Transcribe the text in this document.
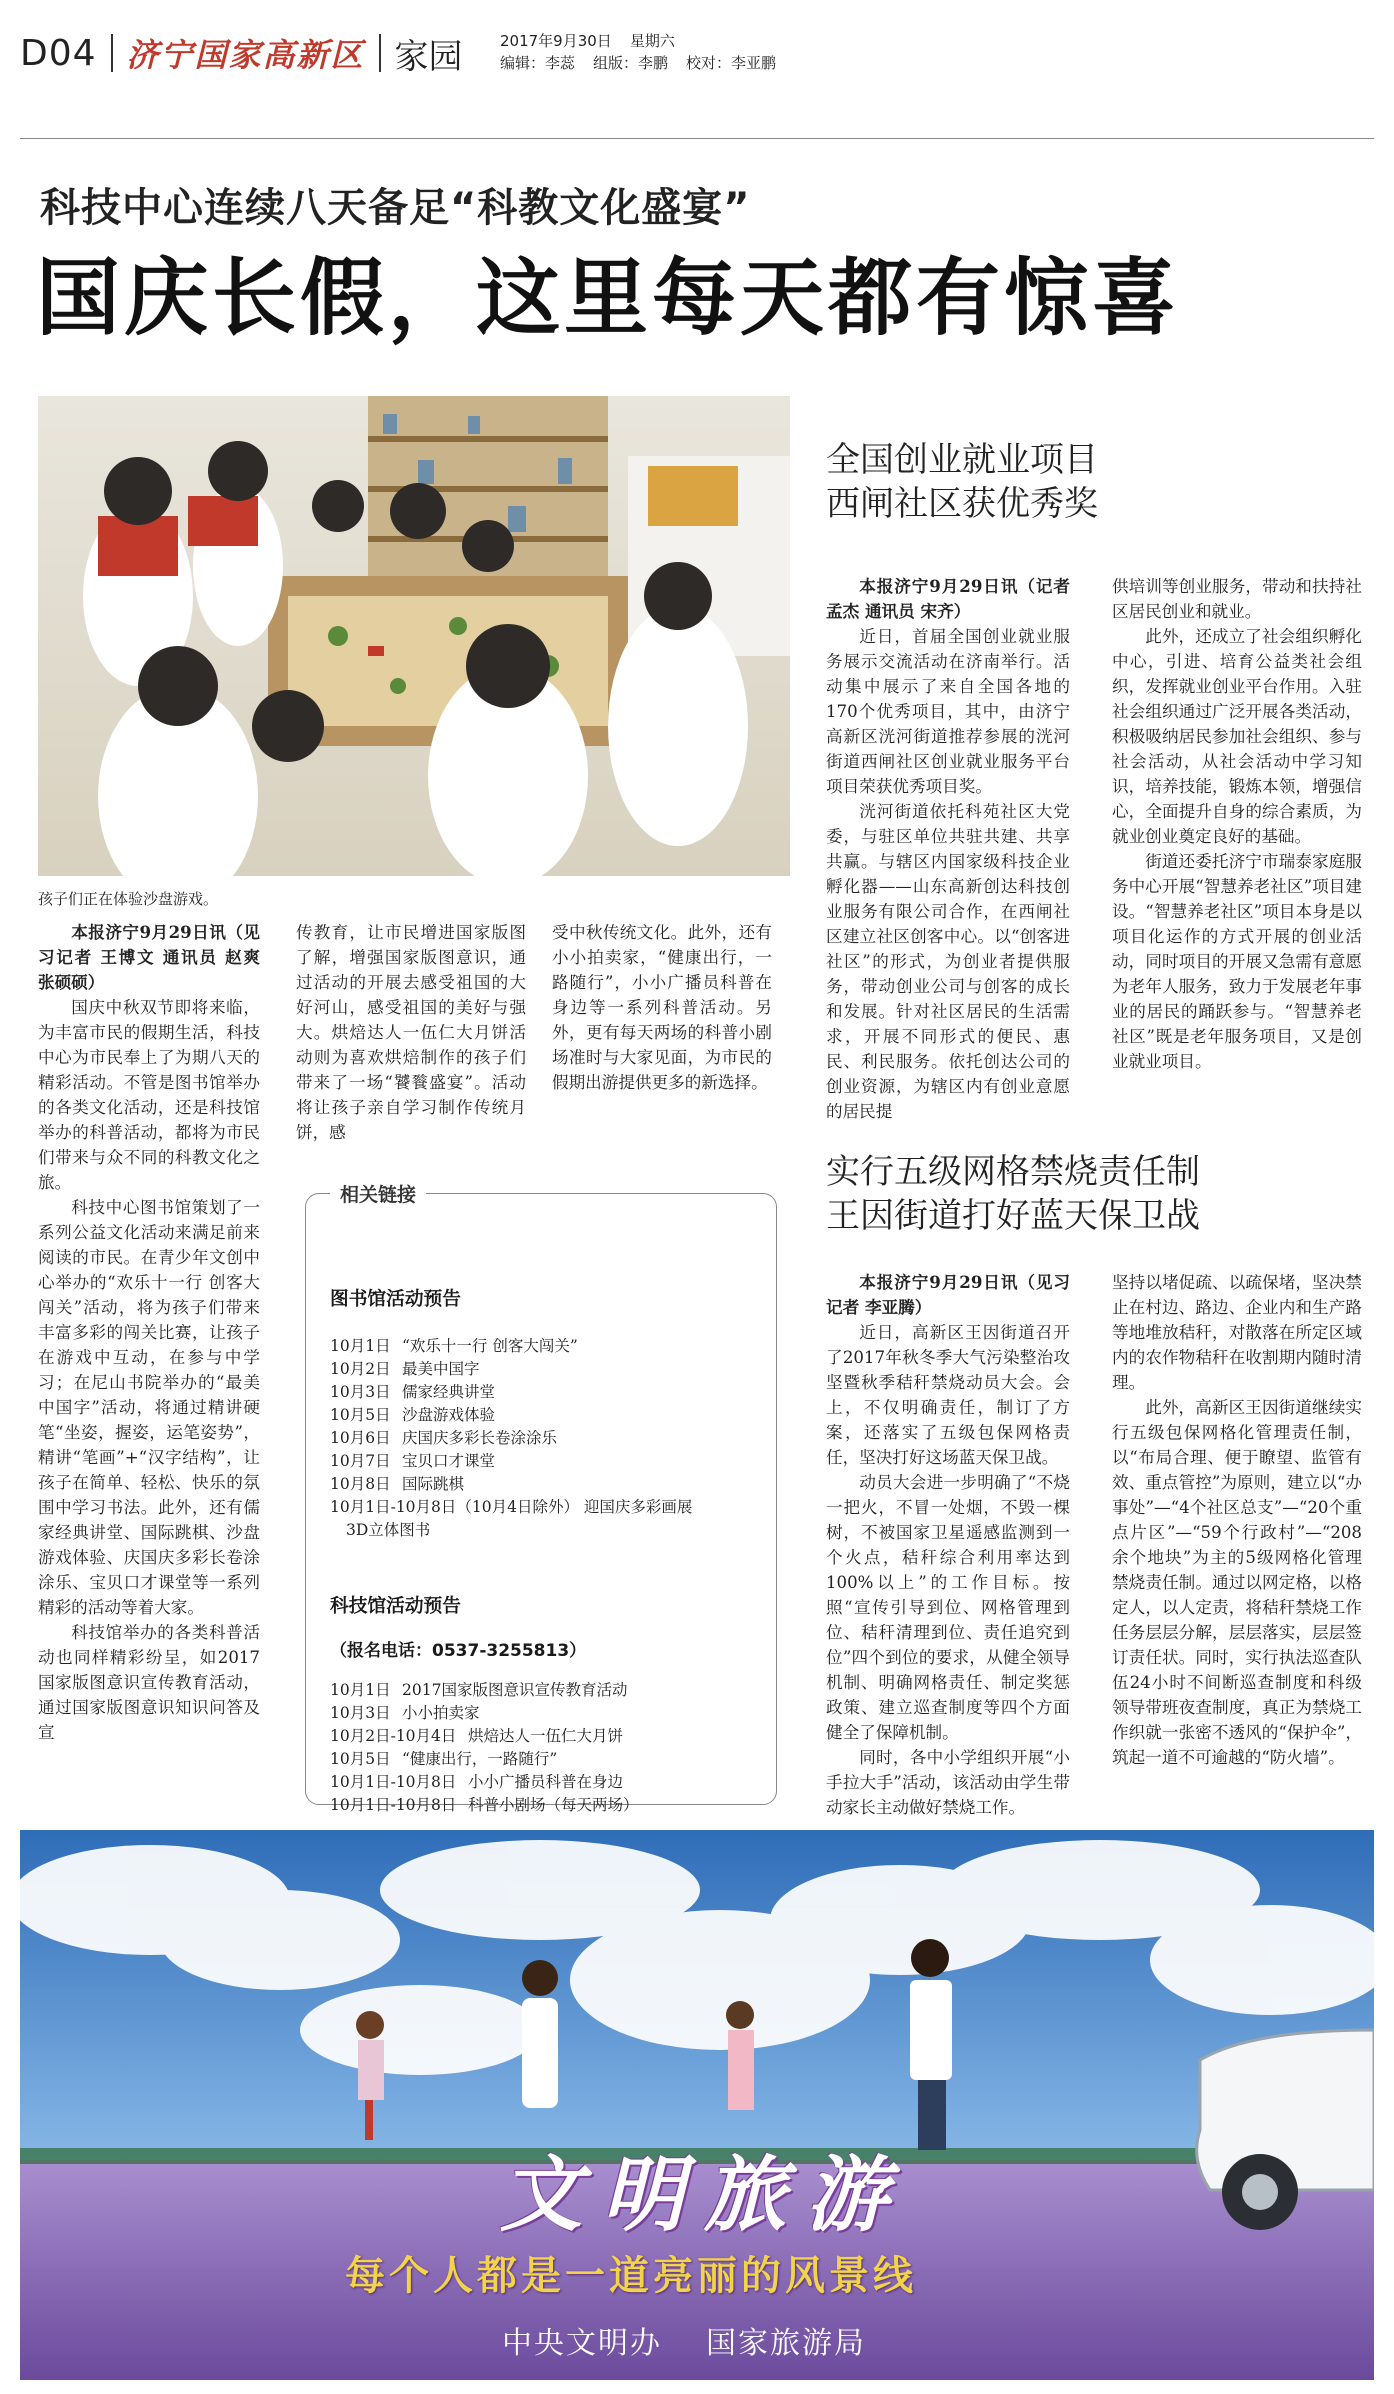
D04 济宁国家高新区 家园 2017年9月30日 星期六
编辑：李蕊 组版：李鹏 校对：李亚鹏
科技中心连续八天备足“科教文化盛宴”
国庆长假，这里每天都有惊喜
孩子们正在体验沙盘游戏。

本报济宁9月29日讯（见习记者 王博文 通讯员 赵爽 张硕硕）

国庆中秋双节即将来临，为丰富市民的假期生活，科技中心为市民奉上了为期八天的精彩活动。不管是图书馆举办的各类文化活动，还是科技馆举办的科普活动，都将为市民们带来与众不同的科教文化之旅。

科技中心图书馆策划了一系列公益文化活动来满足前来阅读的市民。在青少年文创中心举办的“欢乐十一行 创客大闯关”活动，将为孩子们带来丰富多彩的闯关比赛，让孩子在游戏中互动，在参与中学习；在尼山书院举办的“最美中国字”活动，将通过精讲硬笔“坐姿，握姿，运笔姿势”，精讲“笔画”+“汉字结构”，让孩子在简单、轻松、快乐的氛围中学习书法。此外，还有儒家经典讲堂、国际跳棋、沙盘游戏体验、庆国庆多彩长卷涂涂乐、宝贝口才课堂等一系列精彩的活动等着大家。

科技馆举办的各类科普活动也同样精彩纷呈，如2017国家版图意识宣传教育活动，通过国家版图意识知识问答及宣

传教育，让市民增进国家版图了解，增强国家版图意识，通过活动的开展去感受祖国的大好河山，感受祖国的美好与强大。烘焙达人一伍仁大月饼活动则为喜欢烘焙制作的孩子们带来了一场“饕餮盛宴”。活动将让孩子亲自学习制作传统月饼，感

受中秋传统文化。此外，还有小小拍卖家，“健康出行，一路随行”，小小广播员科普在身边等一系列科普活动。另外，更有每天两场的科普小剧场准时与大家见面，为市民的假期出游提供更多的新选择。

相关链接
图书馆活动预告
10月1日 “欢乐十一行 创客大闯关”
10月2日 最美中国字
10月3日 儒家经典讲堂
10月5日 沙盘游戏体验
10月6日 庆国庆多彩长卷涂涂乐
10月7日 宝贝口才课堂
10月8日 国际跳棋
10月1日-10月8日（10月4日除外） 迎国庆多彩画展
3D立体图书
科技馆活动预告
（报名电话：0537-3255813）
10月1日 2017国家版图意识宣传教育活动
10月3日 小小拍卖家
10月2日-10月4日 烘焙达人一伍仁大月饼
10月5日 “健康出行，一路随行”
10月1日-10月8日 小小广播员科普在身边
10月1日-10月8日 科普小剧场（每天两场）
全国创业就业项目
西闸社区获优秀奖

本报济宁9月29日讯（记者 孟杰 通讯员 宋齐）

近日，首届全国创业就业服务展示交流活动在济南举行。活动集中展示了来自全国各地的170个优秀项目，其中，由济宁高新区洸河街道推荐参展的洸河街道西闸社区创业就业服务平台项目荣获优秀项目奖。

洸河街道依托科苑社区大党委，与驻区单位共驻共建、共享共赢。与辖区内国家级科技企业孵化器——山东高新创达科技创业服务有限公司合作，在西闸社区建立社区创客中心。以“创客进社区”的形式，为创业者提供服务，带动创业公司与创客的成长和发展。针对社区居民的生活需求，开展不同形式的便民、惠民、利民服务。依托创达公司的创业资源，为辖区内有创业意愿的居民提

供培训等创业服务，带动和扶持社区居民创业和就业。

此外，还成立了社会组织孵化中心，引进、培育公益类社会组织，发挥就业创业平台作用。入驻社会组织通过广泛开展各类活动，积极吸纳居民参加社会组织、参与社会活动，从社会活动中学习知识，培养技能，锻炼本领，增强信心，全面提升自身的综合素质，为就业创业奠定良好的基础。

街道还委托济宁市瑞泰家庭服务中心开展“智慧养老社区”项目建设。“智慧养老社区”项目本身是以项目化运作的方式开展的创业活动，同时项目的开展又急需有意愿为老年人服务，致力于发展老年事业的居民的踊跃参与。“智慧养老社区”既是老年服务项目，又是创业就业项目。

实行五级网格禁烧责任制
王因街道打好蓝天保卫战

本报济宁9月29日讯（见习记者 李亚腾）

近日，高新区王因街道召开了2017年秋冬季大气污染整治攻坚暨秋季秸秆禁烧动员大会。会上，不仅明确责任，制订了方案，还落实了五级包保网格责任，坚决打好这场蓝天保卫战。

动员大会进一步明确了“不烧一把火，不冒一处烟，不毁一棵树，不被国家卫星遥感监测到一个火点，秸秆综合利用率达到100%以上”的工作目标。按照“宣传引导到位、网格管理到位、秸秆清理到位、责任追究到位”四个到位的要求，从健全领导机制、明确网格责任、制定奖惩政策、建立巡查制度等四个方面健全了保障机制。

同时，各中小学组织开展“小手拉大手”活动，该活动由学生带动家长主动做好禁烧工作。

坚持以堵促疏、以疏保堵，坚决禁止在村边、路边、企业内和生产路等地堆放秸秆，对散落在所定区域内的农作物秸秆在收割期内随时清理。

此外，高新区王因街道继续实行五级包保网格化管理责任制，以“布局合理、便于瞭望、监管有效、重点管控”为原则，建立以“办事处”—“4个社区总支”—“20个重点片区”—“59个行政村”—“208余个地块”为主的5级网格化管理禁烧责任制。通过以网定格，以格定人，以人定责，将秸秆禁烧工作任务层层分解，层层落实，层层签订责任状。同时，实行执法巡查队伍24小时不间断巡查制度和科级领导带班夜查制度，真正为禁烧工作织就一张密不透风的“保护伞”，筑起一道不可逾越的“防火墙”。

文明旅游
每个人都是一道亮丽的风景线
中央文明办 国家旅游局
